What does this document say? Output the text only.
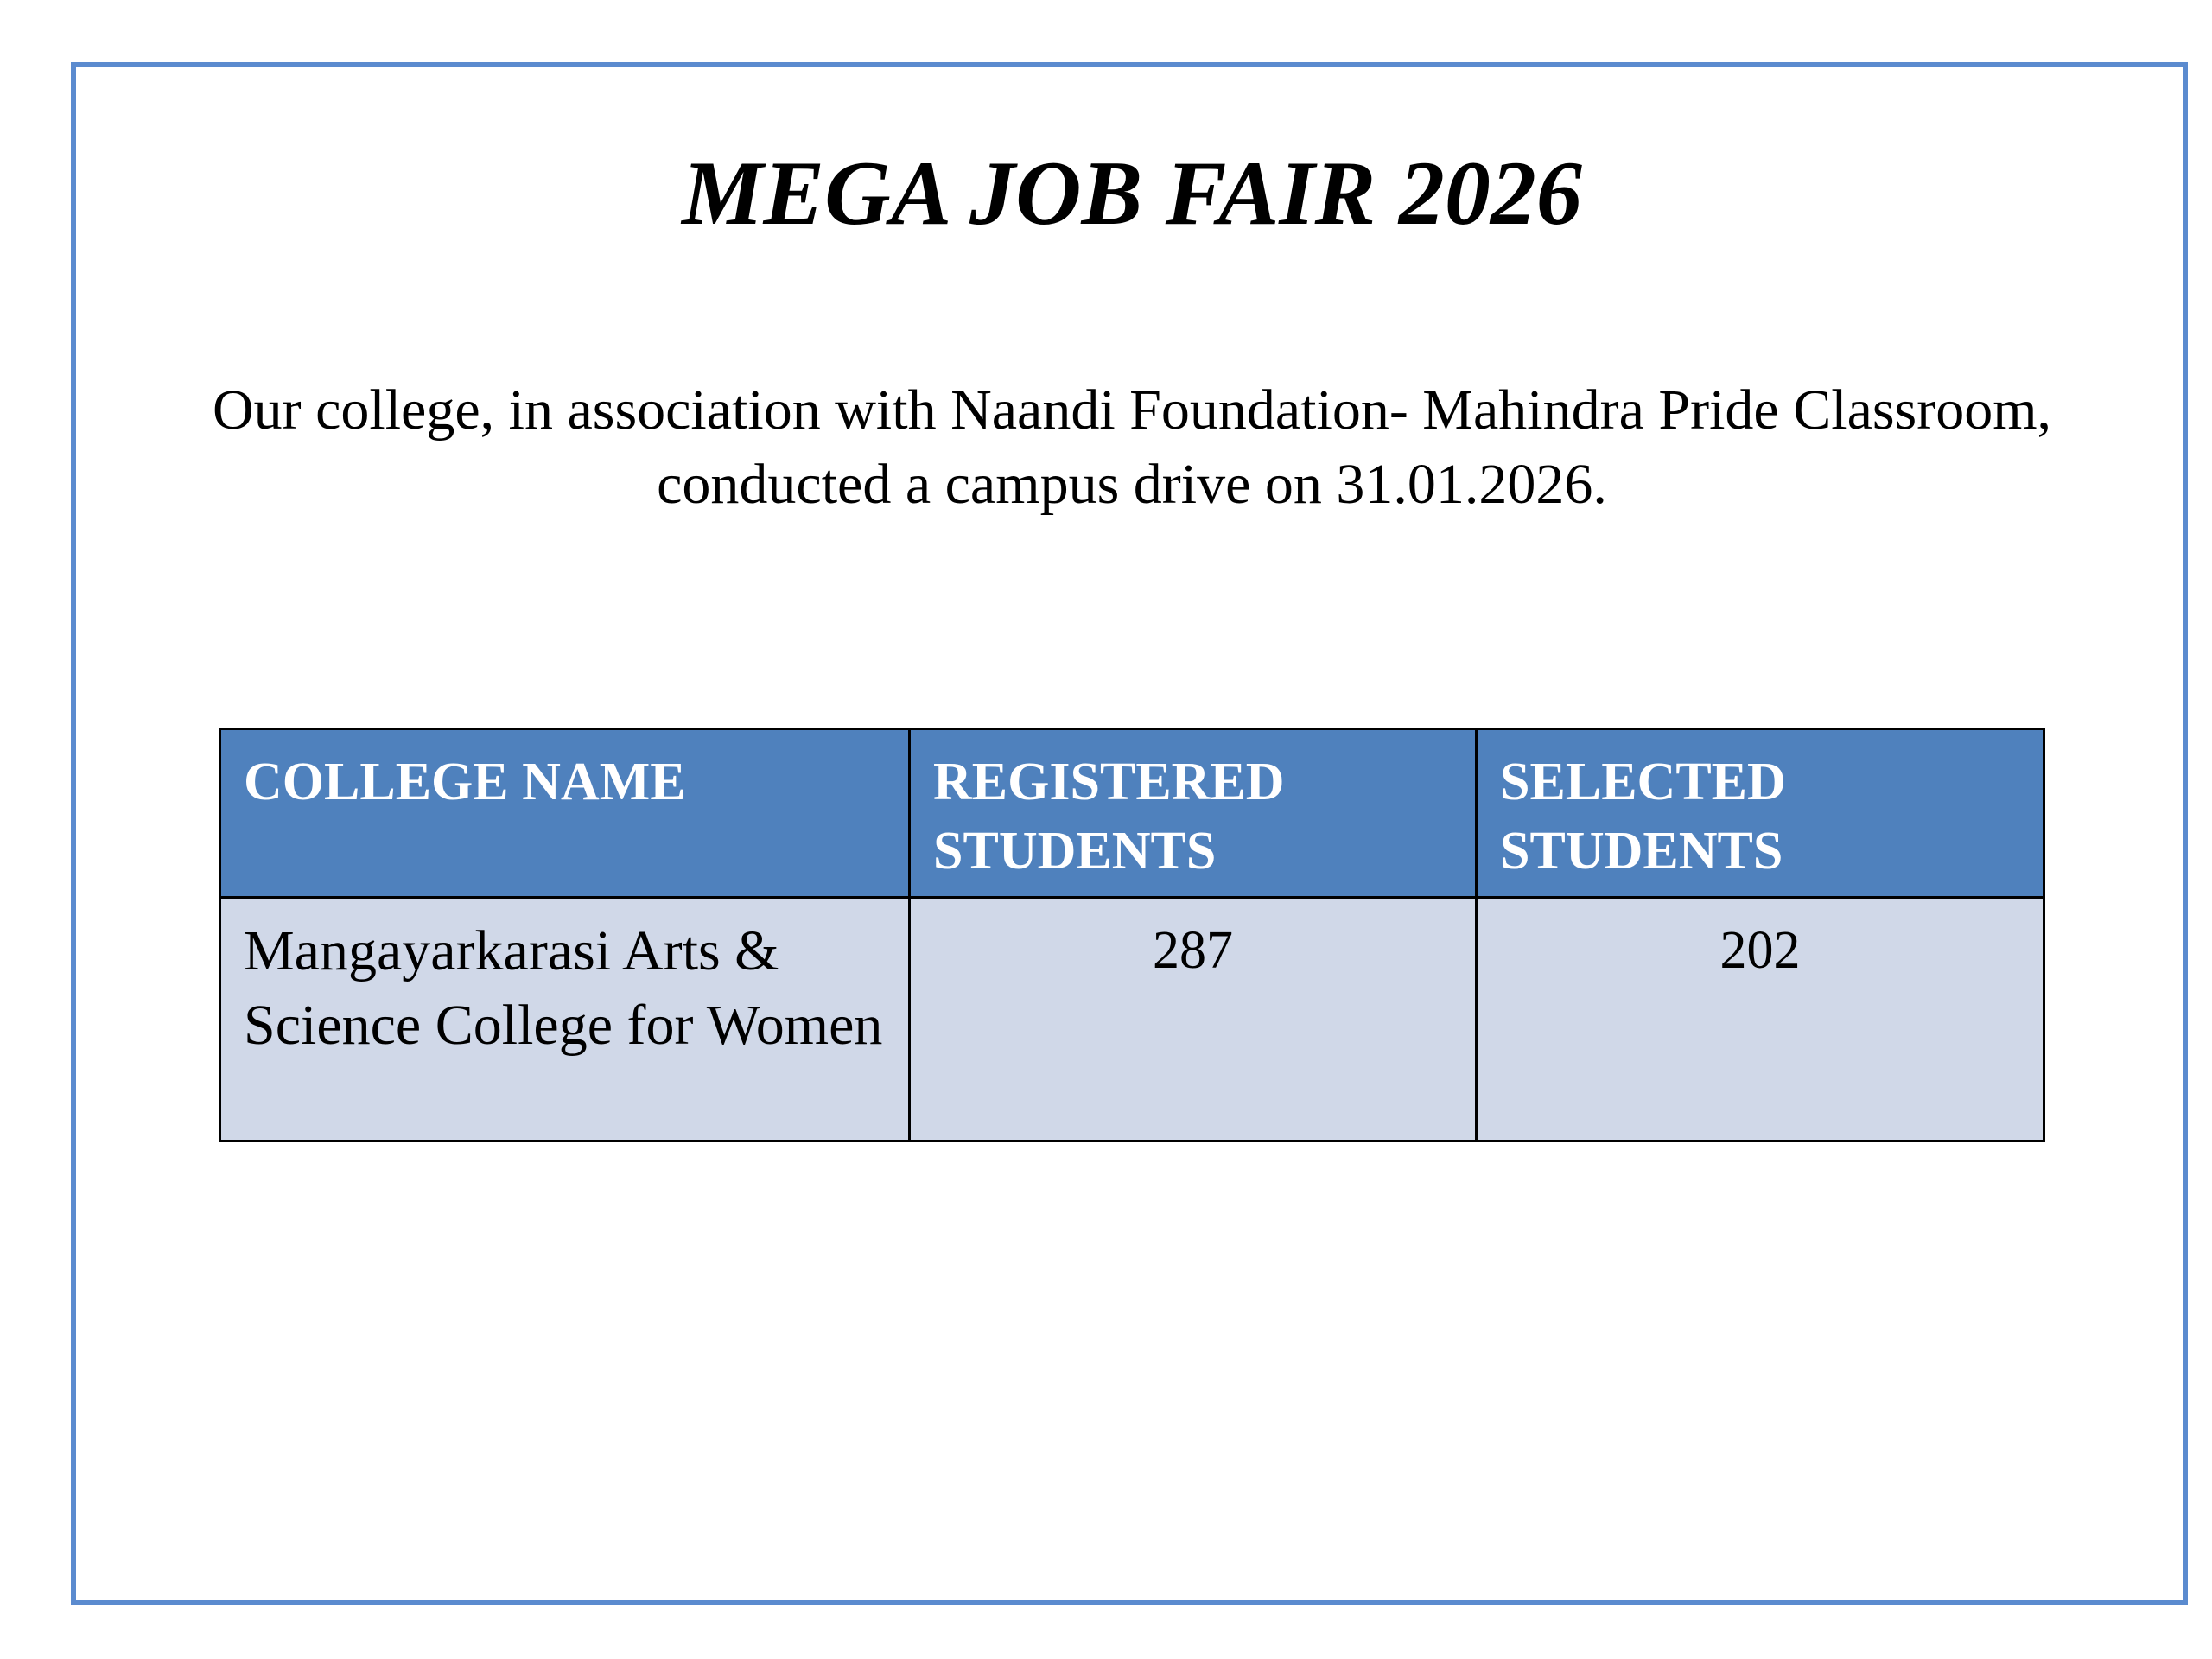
MEGA JOB FAIR 2026

Our college, in association with Naandi Foundation- Mahindra Pride Classroom, conducted a campus drive on 31.01.2026.

COLLEGE NAME	REGISTERED STUDENTS	SELECTED STUDENTS
Mangayarkarasi Arts & Science College for Women	287	202
